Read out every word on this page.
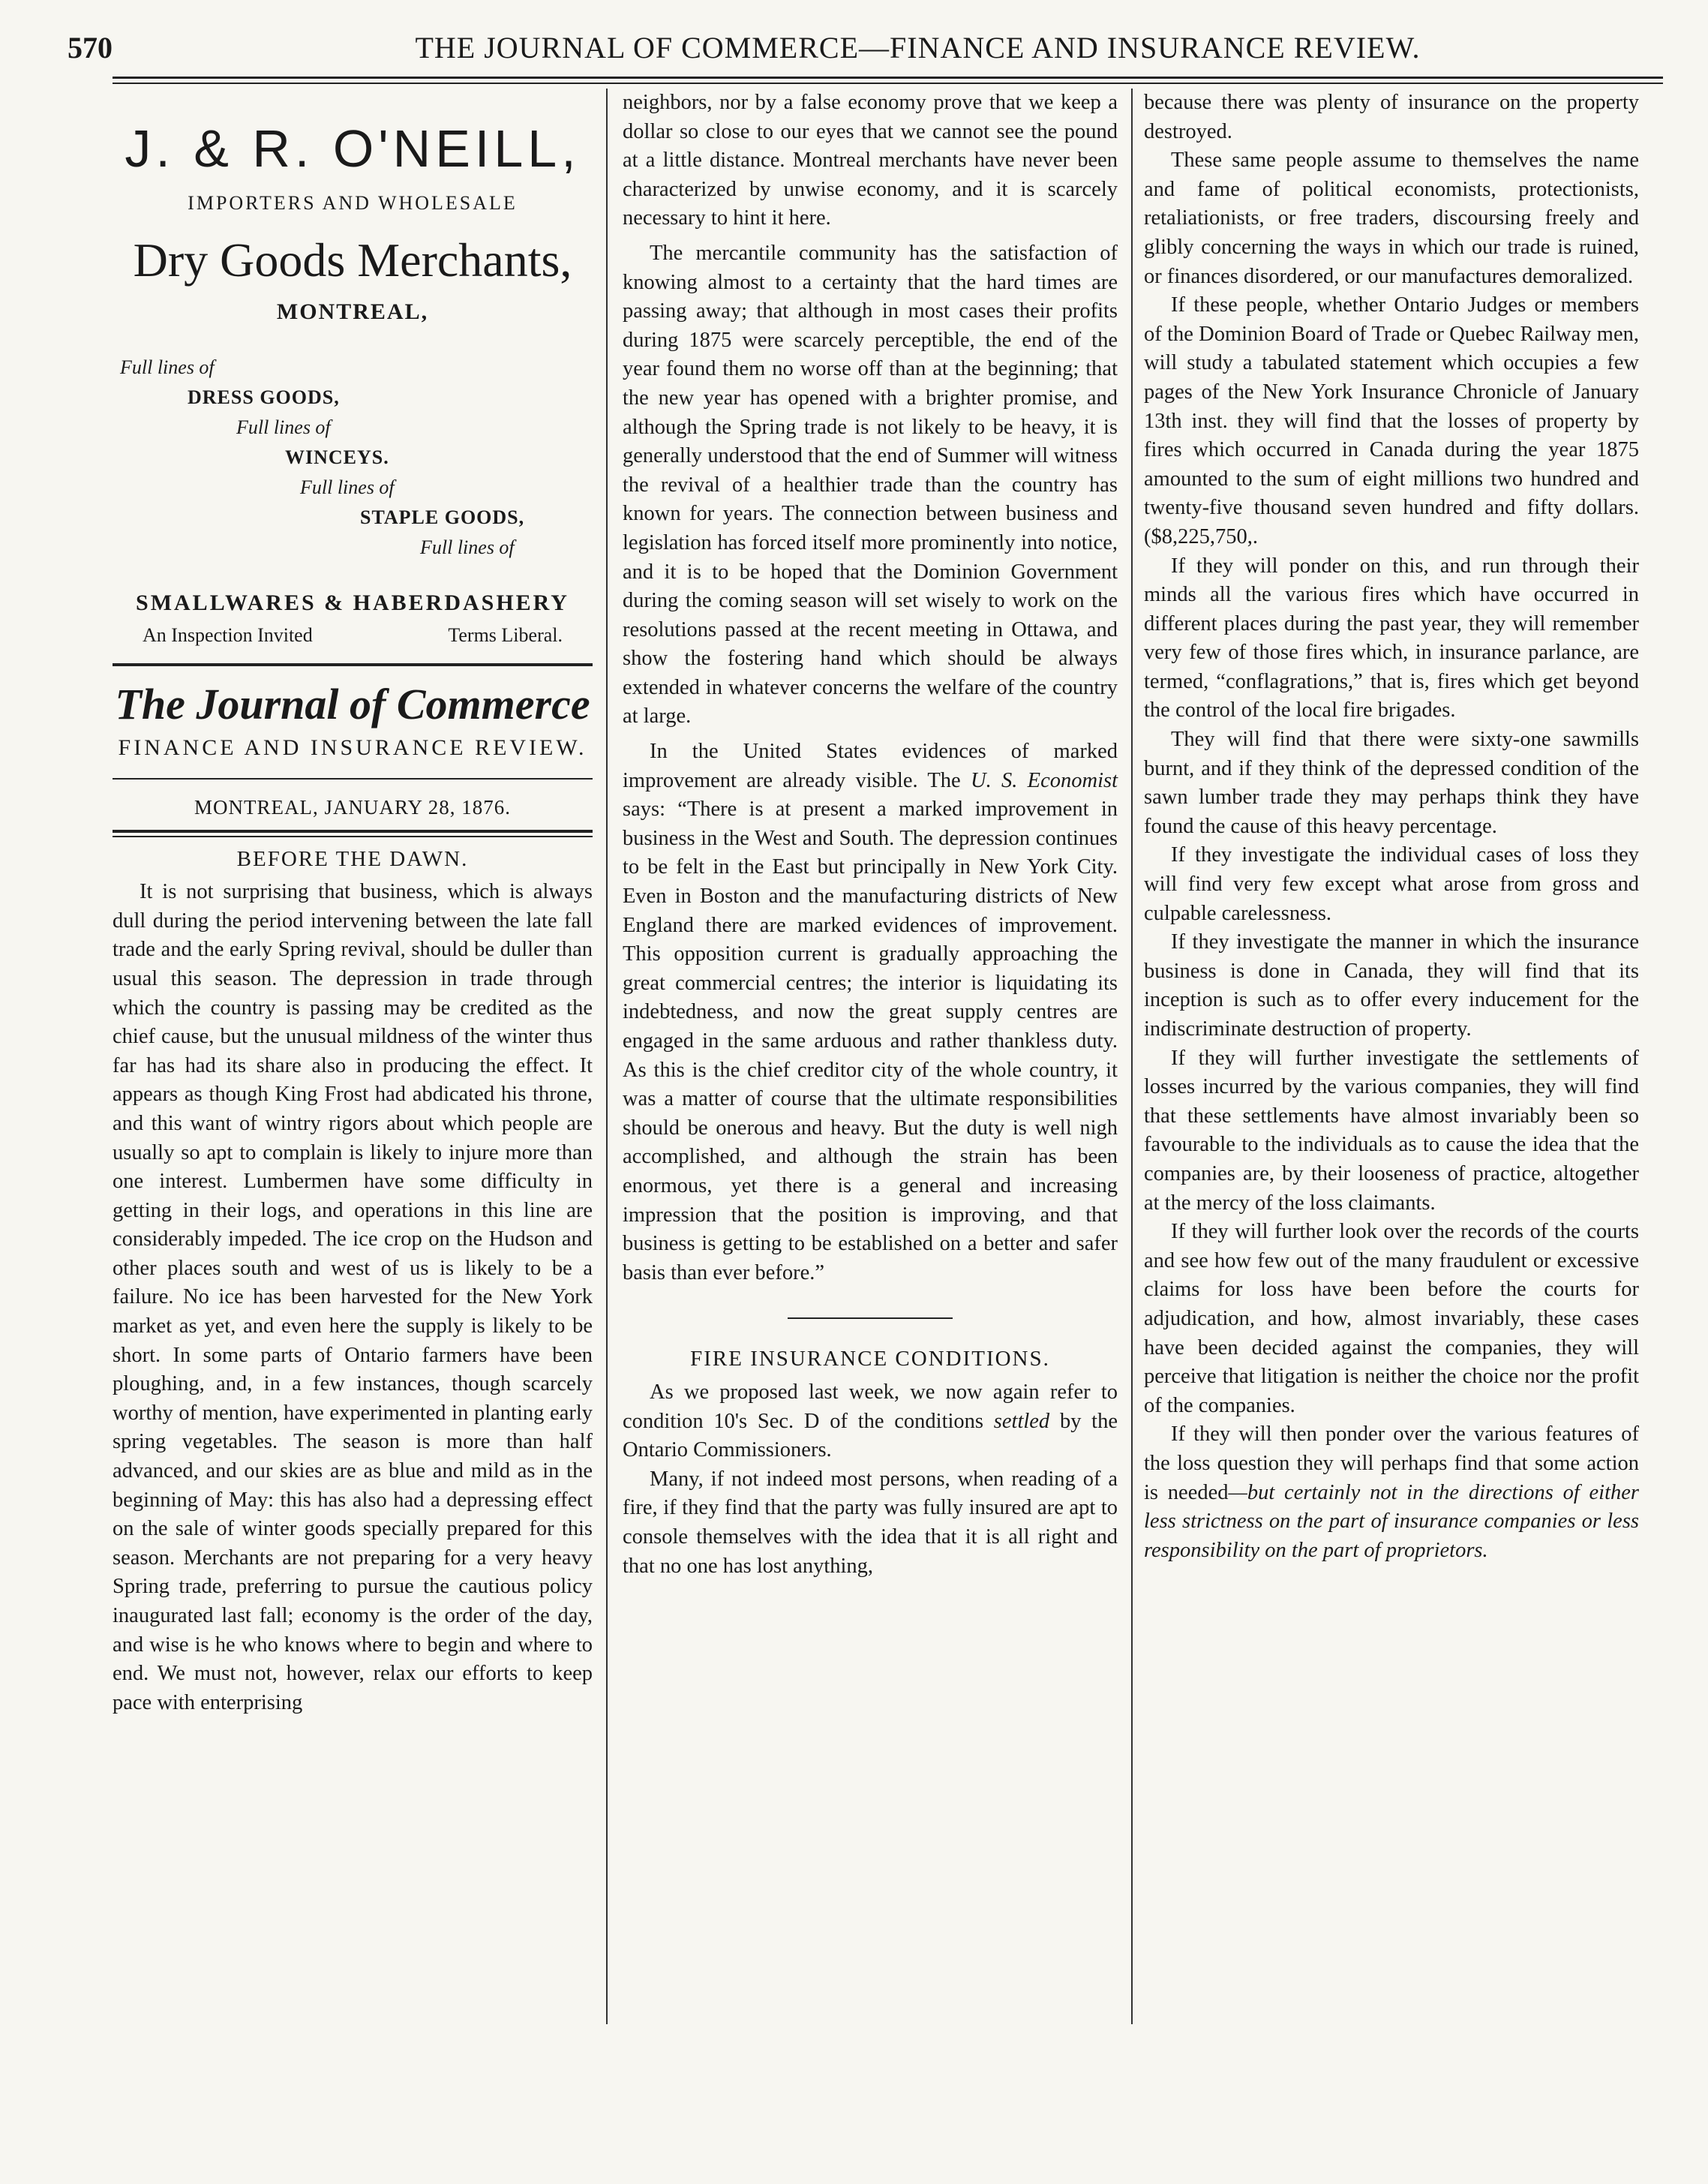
570	THE JOURNAL OF COMMERCE—FINANCE AND INSURANCE REVIEW.
J. & R. O'NEILL,
IMPORTERS AND WHOLESALE
Dry Goods Merchants,
MONTREAL,
Full lines of
DRESS GOODS,
Full lines of
WINCEYS.
Full lines of
STAPLE GOODS,
Full lines of
SMALLWARES & HABERDASHERY
An Inspection Invited	Terms Liberal.
The Journal of Commerce
FINANCE AND INSURANCE REVIEW.
MONTREAL, JANUARY 28, 1876.
BEFORE THE DAWN.

It is not surprising that business, which is always dull during the period intervening between the late fall trade and the early Spring revival, should be duller than usual this season. The depression in trade through which the country is passing may be credited as the chief cause, but the unusual mildness of the winter thus far has had its share also in producing the effect. It appears as though King Frost had abdicated his throne, and this want of wintry rigors about which people are usually so apt to complain is likely to injure more than one interest. Lumbermen have some difficulty in getting in their logs, and operations in this line are considerably impeded. The ice crop on the Hudson and other places south and west of us is likely to be a failure. No ice has been harvested for the New York market as yet, and even here the supply is likely to be short. In some parts of Ontario farmers have been ploughing, and, in a few instances, though scarcely worthy of mention, have experimented in planting early spring vegetables. The season is more than half advanced, and our skies are as blue and mild as in the beginning of May: this has also had a depressing effect on the sale of winter goods specially prepared for this season. Merchants are not preparing for a very heavy Spring trade, preferring to pursue the cautious policy inaugurated last fall; economy is the order of the day, and wise is he who knows where to begin and where to end. We must not, however, relax our efforts to keep pace with enterprising

neighbors, nor by a false economy prove that we keep a dollar so close to our eyes that we cannot see the pound at a little distance. Montreal merchants have never been characterized by unwise economy, and it is scarcely necessary to hint it here.

The mercantile community has the satisfaction of knowing almost to a certainty that the hard times are passing away; that although in most cases their profits during 1875 were scarcely perceptible, the end of the year found them no worse off than at the beginning; that the new year has opened with a brighter promise, and although the Spring trade is not likely to be heavy, it is generally understood that the end of Summer will witness the revival of a healthier trade than the country has known for years. The connection between business and legislation has forced itself more prominently into notice, and it is to be hoped that the Dominion Government during the coming season will set wisely to work on the resolutions passed at the recent meeting in Ottawa, and show the fostering hand which should be always extended in whatever concerns the welfare of the country at large.

In the United States evidences of marked improvement are already visible. The U. S. Economist says: “There is at present a marked improvement in business in the West and South. The depression continues to be felt in the East but principally in New York City. Even in Boston and the manufacturing districts of New England there are marked evidences of improvement. This opposition current is gradually approaching the great commercial centres; the interior is liquidating its indebtedness, and now the great supply centres are engaged in the same arduous and rather thankless duty. As this is the chief creditor city of the whole country, it was a matter of course that the ultimate responsibilities should be onerous and heavy. But the duty is well nigh accomplished, and although the strain has been enormous, yet there is a general and increasing impression that the position is improving, and that business is getting to be established on a better and safer basis than ever before.”

FIRE INSURANCE CONDITIONS.

As we proposed last week, we now again refer to condition 10's Sec. D of the conditions settled by the Ontario Commissioners.

Many, if not indeed most persons, when reading of a fire, if they find that the party was fully insured are apt to console themselves with the idea that it is all right and that no one has lost anything,

because there was plenty of insurance on the property destroyed.

These same people assume to themselves the name and fame of political economists, protectionists, retaliationists, or free traders, discoursing freely and glibly concerning the ways in which our trade is ruined, or finances disordered, or our manufactures demoralized.

If these people, whether Ontario Judges or members of the Dominion Board of Trade or Quebec Railway men, will study a tabulated statement which occupies a few pages of the New York Insurance Chronicle of January 13th inst. they will find that the losses of property by fires which occurred in Canada during the year 1875 amounted to the sum of eight millions two hundred and twenty-five thousand seven hundred and fifty dollars. ($8,225,750,.

If they will ponder on this, and run through their minds all the various fires which have occurred in different places during the past year, they will remember very few of those fires which, in insurance parlance, are termed, “conflagrations,” that is, fires which get beyond the control of the local fire brigades.

They will find that there were sixty-one sawmills burnt, and if they think of the depressed condition of the sawn lumber trade they may perhaps think they have found the cause of this heavy percentage.

If they investigate the individual cases of loss they will find very few except what arose from gross and culpable carelessness.

If they investigate the manner in which the insurance business is done in Canada, they will find that its inception is such as to offer every inducement for the indiscriminate destruction of property.

If they will further investigate the settlements of losses incurred by the various companies, they will find that these settlements have almost invariably been so favourable to the individuals as to cause the idea that the companies are, by their looseness of practice, altogether at the mercy of the loss claimants.

If they will further look over the records of the courts and see how few out of the many fraudulent or excessive claims for loss have been before the courts for adjudication, and how, almost invariably, these cases have been decided against the companies, they will perceive that litigation is neither the choice nor the profit of the companies.

If they will then ponder over the various features of the loss question they will perhaps find that some action is needed—but certainly not in the directions of either less strictness on the part of insurance companies or less responsibility on the part of proprietors.
